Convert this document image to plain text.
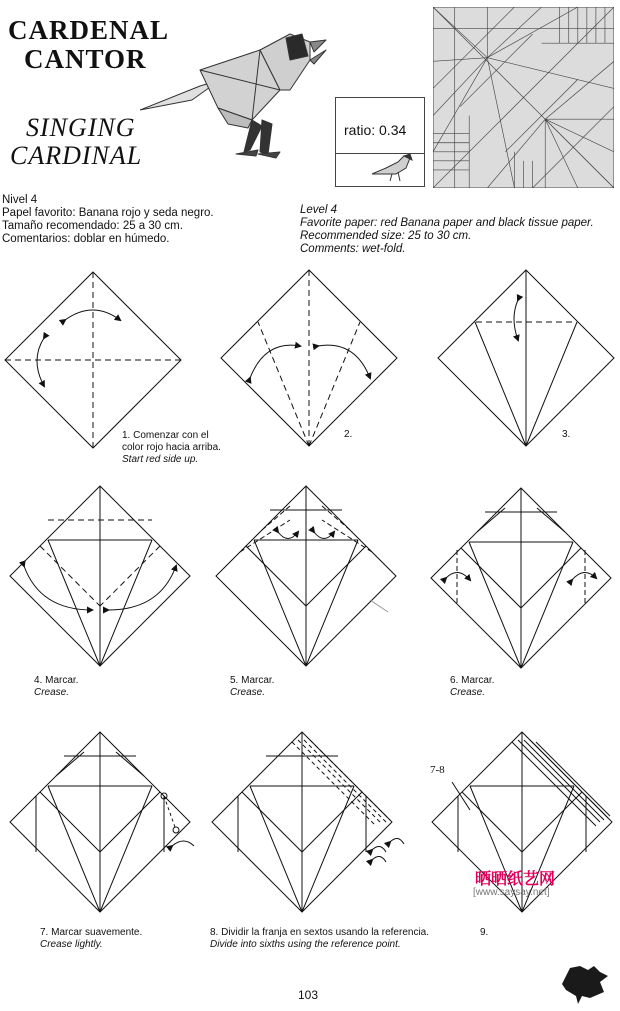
CARDENAL
CANTOR
SINGING
CARDINAL
ratio: 0.34
Nivel 4
Papel favorito: Banana rojo y seda negro.
Tamaño recomendado: 25 a 30 cm.
Comentarios: doblar en húmedo.
Level 4
Favorite paper: red Banana paper and black tissue paper.
Recommended size: 25 to 30 cm.
Comments: wet-fold.
1. Comenzar con el
color rojo hacia arriba.
Start red side up.
2.	3.
4. Marcar.
Crease.
5. Marcar.
Crease.
6. Marcar.
Crease.
7. Marcar suavemente.
Crease lightly.
8. Dividir la franja en sextos usando la referencia.
Divide into sixths using the reference point.
9.
7-8
晒晒纸艺网
[www.saysay.net]
103
